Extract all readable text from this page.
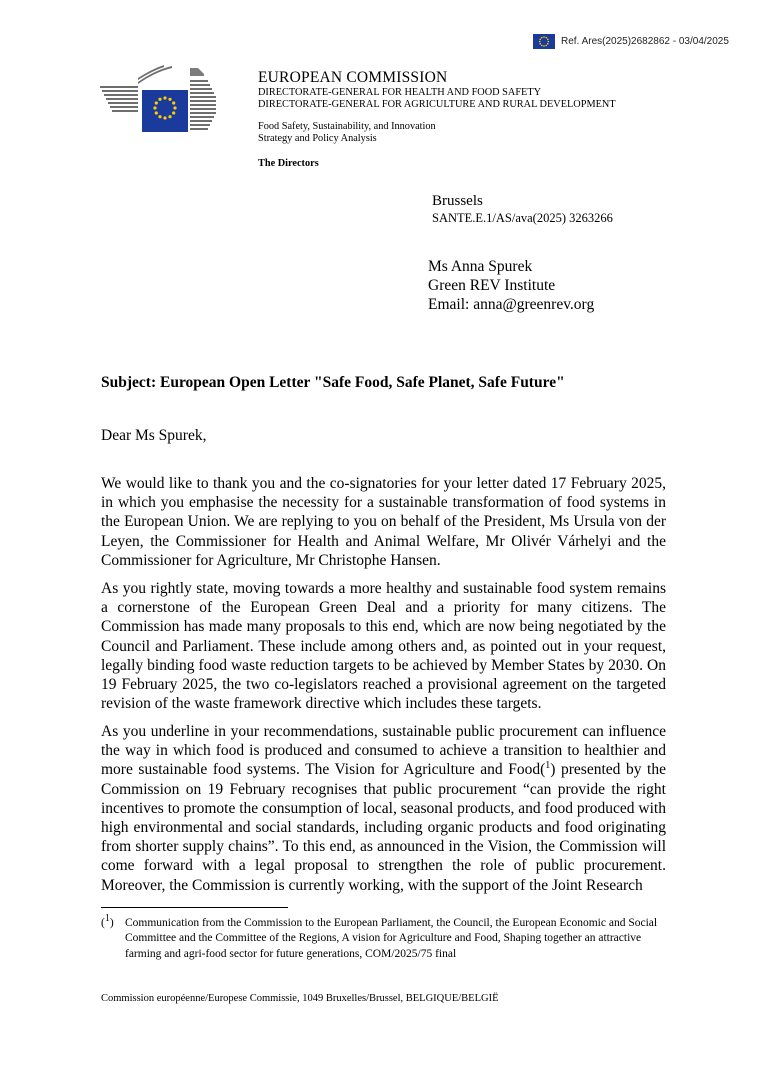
Ref. Ares(2025)2682862 - 03/04/2025
EUROPEAN COMMISSION
DIRECTORATE-GENERAL FOR HEALTH AND FOOD SAFETY
DIRECTORATE-GENERAL FOR AGRICULTURE AND RURAL DEVELOPMENT
Food Safety, Sustainability, and Innovation
Strategy and Policy Analysis
The Directors
Brussels
SANTE.E.1/AS/ava(2025) 3263266
Ms Anna Spurek
Green REV Institute
Email: anna@greenrev.org
Subject: European Open Letter "Safe Food, Safe Planet, Safe Future"
Dear Ms Spurek,
We would like to thank you and the co-signatories for your letter dated 17 February 2025, in which you emphasise the necessity for a sustainable transformation of food systems in the European Union. We are replying to you on behalf of the President, Ms Ursula von der Leyen, the Commissioner for Health and Animal Welfare, Mr Olivér Várhelyi and the Commissioner for Agriculture, Mr Christophe Hansen.
As you rightly state, moving towards a more healthy and sustainable food system remains a cornerstone of the European Green Deal and a priority for many citizens. The Commission has made many proposals to this end, which are now being negotiated by the Council and Parliament. These include among others and, as pointed out in your request, legally binding food waste reduction targets to be achieved by Member States by 2030. On 19 February 2025, the two co-legislators reached a provisional agreement on the targeted revision of the waste framework directive which includes these targets.
As you underline in your recommendations, sustainable public procurement can influence the way in which food is produced and consumed to achieve a transition to healthier and more sustainable food systems. The Vision for Agriculture and Food($^1$) presented by the Commission on 19 February recognises that public procurement “can provide the right incentives to promote the consumption of local, seasonal products, and food produced with high environmental and social standards, including organic products and food originating from shorter supply chains”. To this end, as announced in the Vision, the Commission will come forward with a legal proposal to strengthen the role of public procurement. Moreover, the Commission is currently working, with the support of the Joint Research
($^1$) Communication from the Commission to the European Parliament, the Council, the European Economic and Social Committee and the Committee of the Regions, A vision for Agriculture and Food, Shaping together an attractive farming and agri-food sector for future generations, COM/2025/75 final
Commission européenne/Europese Commissie, 1049 Bruxelles/Brussel, BELGIQUE/BELGIË
